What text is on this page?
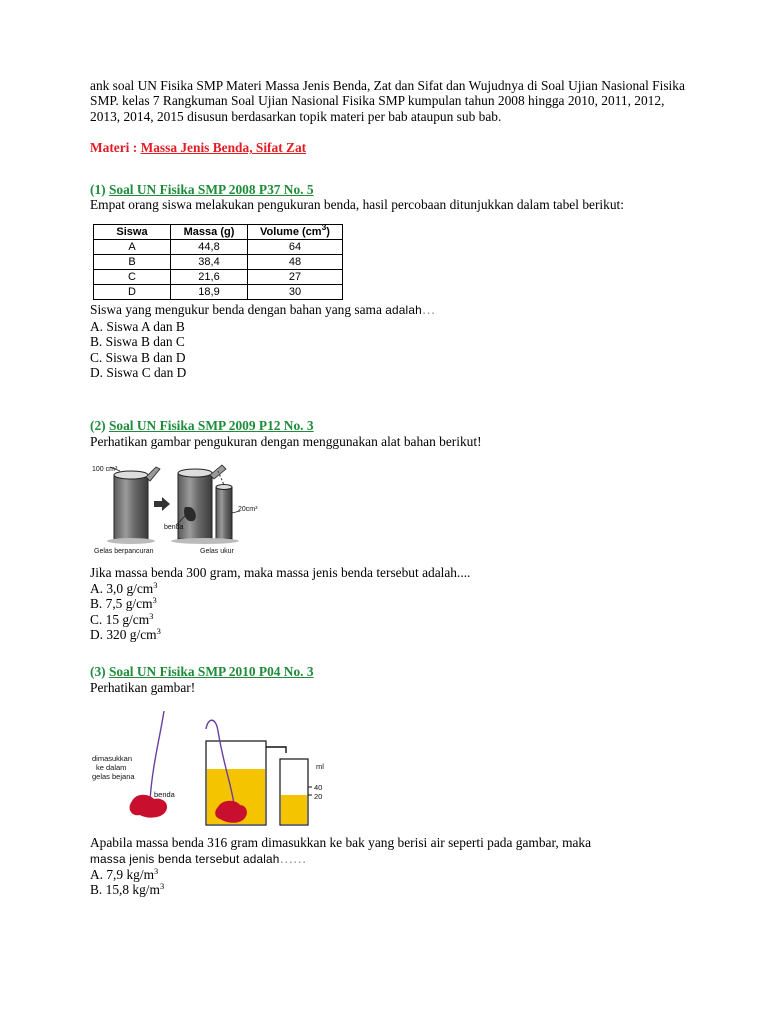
ank soal UN Fisika SMP Materi Massa Jenis Benda, Zat dan Sifat dan Wujudnya di Soal Ujian Nasional Fisika SMP. kelas 7 Rangkuman Soal Ujian Nasional Fisika SMP kumpulan tahun 2008 hingga 2010, 2011, 2012, 2013, 2014, 2015 disusun berdasarkan topik materi per bab ataupun sub bab.

Materi : Massa Jenis Benda, Sifat Zat

(1) Soal UN Fisika SMP 2008 P37 No. 5

Empat orang siswa melakukan pengukuran benda, hasil percobaan ditunjukkan dalam tabel berikut:

Siswa	Massa (g)	Volume $(cm^3)$
A	44,8	64
B	38,4	48
C	21,6	27
D	18,9	30

Siswa yang mengukur benda dengan bahan yang sama adalah…

A. Siswa A dan B

B. Siswa B dan C

C. Siswa B dan D

D. Siswa C dan D

(2) Soal UN Fisika SMP 2009 P12 No. 3

Perhatikan gambar pengukuran dengan menggunakan alat bahan berikut!

100 cm³
20cm³
benda
Gelas berpancuran	Gelas ukur

Jika massa benda 300 gram, maka massa jenis benda tersebut adalah....

A. 3,0 $g/cm^3$

B. 7,5 $g/cm^3$

C. 15 $g/cm^3$

D. 320 $g/cm^3$

(3) Soal UN Fisika SMP 2010 P04 No. 3

Perhatikan gambar!

dimasukkan
ke dalam
gelas bejana
benda
ml
40
20

Apabila massa benda 316 gram dimasukkan ke bak yang berisi air seperti pada gambar, maka

massa jenis benda tersebut adalah……

A. 7,9 $kg/m^3$

B. 15,8 $kg/m^3$
